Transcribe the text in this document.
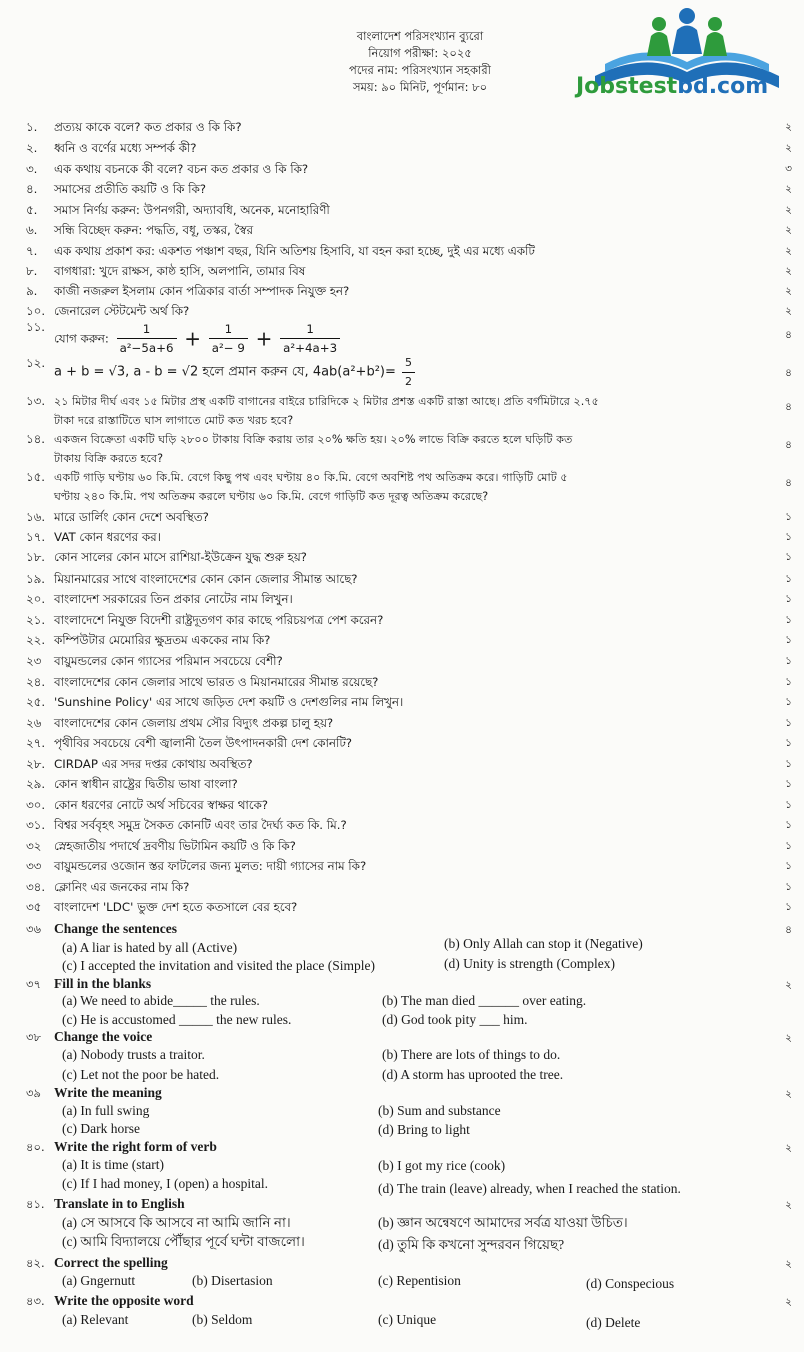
বাংলাদেশ পরিসংখ্যান ব্যুরো
নিয়োগ পরীক্ষা: ২০২৫
পদের নাম: পরিসংখ্যান সহকারী
সময়: ৯০ মিনিট, পূর্ণমান: ৮০	Jobstestbd.com
১.	প্রত্যয় কাকে বলে? কত প্রকার ও কি কি?	২
২.	ধ্বনি ও বর্ণের মধ্যে সম্পর্ক কী?	২
৩.	এক কথায় বচনকে কী বলে? বচন কত প্রকার ও কি কি?	৩
৪.	সমাসের প্রতীতি কয়টি ও কি কি?	২
৫.	সমাস নির্ণয় করুন: উপনগরী, অদ্যাবধি, অনেক, মনোহারিণী	২
৬.	সন্ধি বিচ্ছেদ করুন: পদ্ধতি, বধূ, তস্কর, স্বৈর	২
৭.	এক কথায় প্রকাশ কর: একশত পঞ্চাশ বছর, যিনি অতিশয় হিসাবি, যা বহন করা হচ্ছে, দুই এর মধ্যে একটি	২
৮.	বাগধারা: খুদে রাক্ষস, কাষ্ঠ হাসি, অলপানি, তামার বিষ	২
৯.	কাজী নজরুল ইসলাম কোন পত্রিকার বার্তা সম্পাদক নিযুক্ত হন?	২
১০. জেনারেল স্টেটমেন্ট অর্থ কি?	২
১১.
যোগ করুন: $\frac{1}{\text{a²−5a+6}} + \frac{1}{\text{a²− 9}} + \frac{1}{\text{a²+4a+3}}$	৪
১২.
a + b = √3, a - b = √2 হলে প্রমান করুন যে, $4ab(a^2+b^2)= \frac{5}{2}$	৪
১৩. ২১ মিটার দীর্ঘ এবং ১৫ মিটার প্রস্থ একটি বাগানের বাইরে চারিদিকে ২ মিটার প্রশস্ত একটি রাস্তা আছে। প্রতি বর্গমিটারে ২.৭৫
টাকা দরে রাস্তাটিতে ঘাস লাগাতে মোট কত খরচ হবে?
৪
১৪. একজন বিক্রেতা একটি ঘড়ি ২৮০০ টাকায় বিক্রি করায় তার ২০% ক্ষতি হয়। ২০% লাভে বিক্রি করতে হলে ঘড়িটি কত
টাকায় বিক্রি করতে হবে?
৪
১৫. একটি গাড়ি ঘণ্টায় ৬০ কি.মি. বেগে কিছু পথ এবং ঘণ্টায় ৪০ কি.মি. বেগে অবশিষ্ট পথ অতিক্রম করে। গাড়িটি মোট ৫
ঘণ্টায় ২৪০ কি.মি. পথ অতিক্রম করলে ঘণ্টায় ৬০ কি.মি. বেগে গাড়িটি কত দূরত্ব অতিক্রম করেছে?
৪
১৬. মারে ডার্লিং কোন দেশে অবস্থিত?	১
১৭. VAT কোন ধরণের কর।	১
১৮. কোন সালের কোন মাসে রাশিয়া-ইউক্রেন যুদ্ধ শুরু হয়?	১
১৯. মিয়ানমারের সাথে বাংলাদেশের কোন কোন জেলার সীমান্ত আছে?	১
২০. বাংলাদেশ সরকারের তিন প্রকার নোটের নাম লিখুন।	১
২১. বাংলাদেশে নিযুক্ত বিদেশী রাষ্ট্রদূতগণ কার কাছে পরিচয়পত্র পেশ করেন?	১
২২. কম্পিউটার মেমোরির ক্ষুদ্রতম এককের নাম কি?	১
২৩	বায়ুমন্ডলের কোন গ্যাসের পরিমান সবচেয়ে বেশী?	১
২৪. বাংলাদেশের কোন জেলার সাথে ভারত ও মিয়ানমারের সীমান্ত রয়েছে?	১
২৫. 'Sunshine Policy' এর সাথে জড়িত দেশ কয়টি ও দেশগুলির নাম লিখুন।	১
২৬	বাংলাদেশের কোন জেলায় প্রথম সৌর বিদ্যুৎ প্রকল্প চালু হয়?	১
২৭. পৃথীবির সবচেয়ে বেশী জ্বালানী তৈল উৎপাদনকারী দেশ কোনটি?	১
২৮. CIRDAP এর সদর দপ্তর কোথায় অবস্থিত?	১
২৯. কোন স্বাধীন রাষ্ট্রের দ্বিতীয় ভাষা বাংলা?	১
৩০. কোন ধরণের নোটে অর্থ সচিবের স্বাক্ষর থাকে?	১
৩১. বিশ্বর সর্ববৃহৎ সমুদ্র সৈকত কোনটি এবং তার দৈর্ঘ্য কত কি. মি.?	১
৩২	স্নেহজাতীয় পদার্থে দ্রবণীয় ভিটামিন কয়টি ও কি কি?	১
৩৩	বায়ুমন্ডলের ওজোন স্তর ফাটলের জন্য মুলত: দায়ী গ্যাসের নাম কি?	১
৩৪. ক্লোনিং এর জনকের নাম কি?	১
৩৫	বাংলাদেশ 'LDC' ভুক্ত দেশ হতে কতসালে বের হবে?	১
৩৬ Change the sentences	৪
(a) A liar is hated by all (Active)	(b) Only Allah can stop it (Negative)
(c) I accepted the invitation and visited the place (Simple)	(d) Unity is strength (Complex)
৩৭ Fill in the blanks	২
(a) We need to abide_____ the rules.	(b) The man died ______ over eating.
(c) He is accustomed _____ the new rules.	(d) God took pity ___ him.
৩৮ Change the voice	২
(a) Nobody trusts a traitor.	(b) There are lots of things to do.
(c) Let not the poor be hated.	(d) A storm has uprooted the tree.
৩৯ Write the meaning	২
(a) In full swing	(b) Sum and substance
(c) Dark horse	(d) Bring to light
৪০. Write the right form of verb	২
(a) It is time (start)	(b) I got my rice (cook)
(c) If I had money, I (open) a hospital.	(d) The train (leave) already, when I reached the station.
৪১. Translate in to English	২
(a) সে আসবে কি আসবে না আমি জানি না।	(b) জ্ঞান অন্বেষণে আমাদের সর্বত্র যাওয়া উচিত।
(c) আমি বিদ্যালয়ে পৌঁছার পূর্বে ঘন্টা বাজলো।	(d) তুমি কি কখনো সুন্দরবন গিয়েছ?
৪২. Correct the spelling	২
(a) Gngernutt	(b) Disertasion	(c) Repentision	(d) Conspecious
৪৩. Write the opposite word	২
(a) Relevant	(b) Seldom	(c) Unique	(d) Delete
